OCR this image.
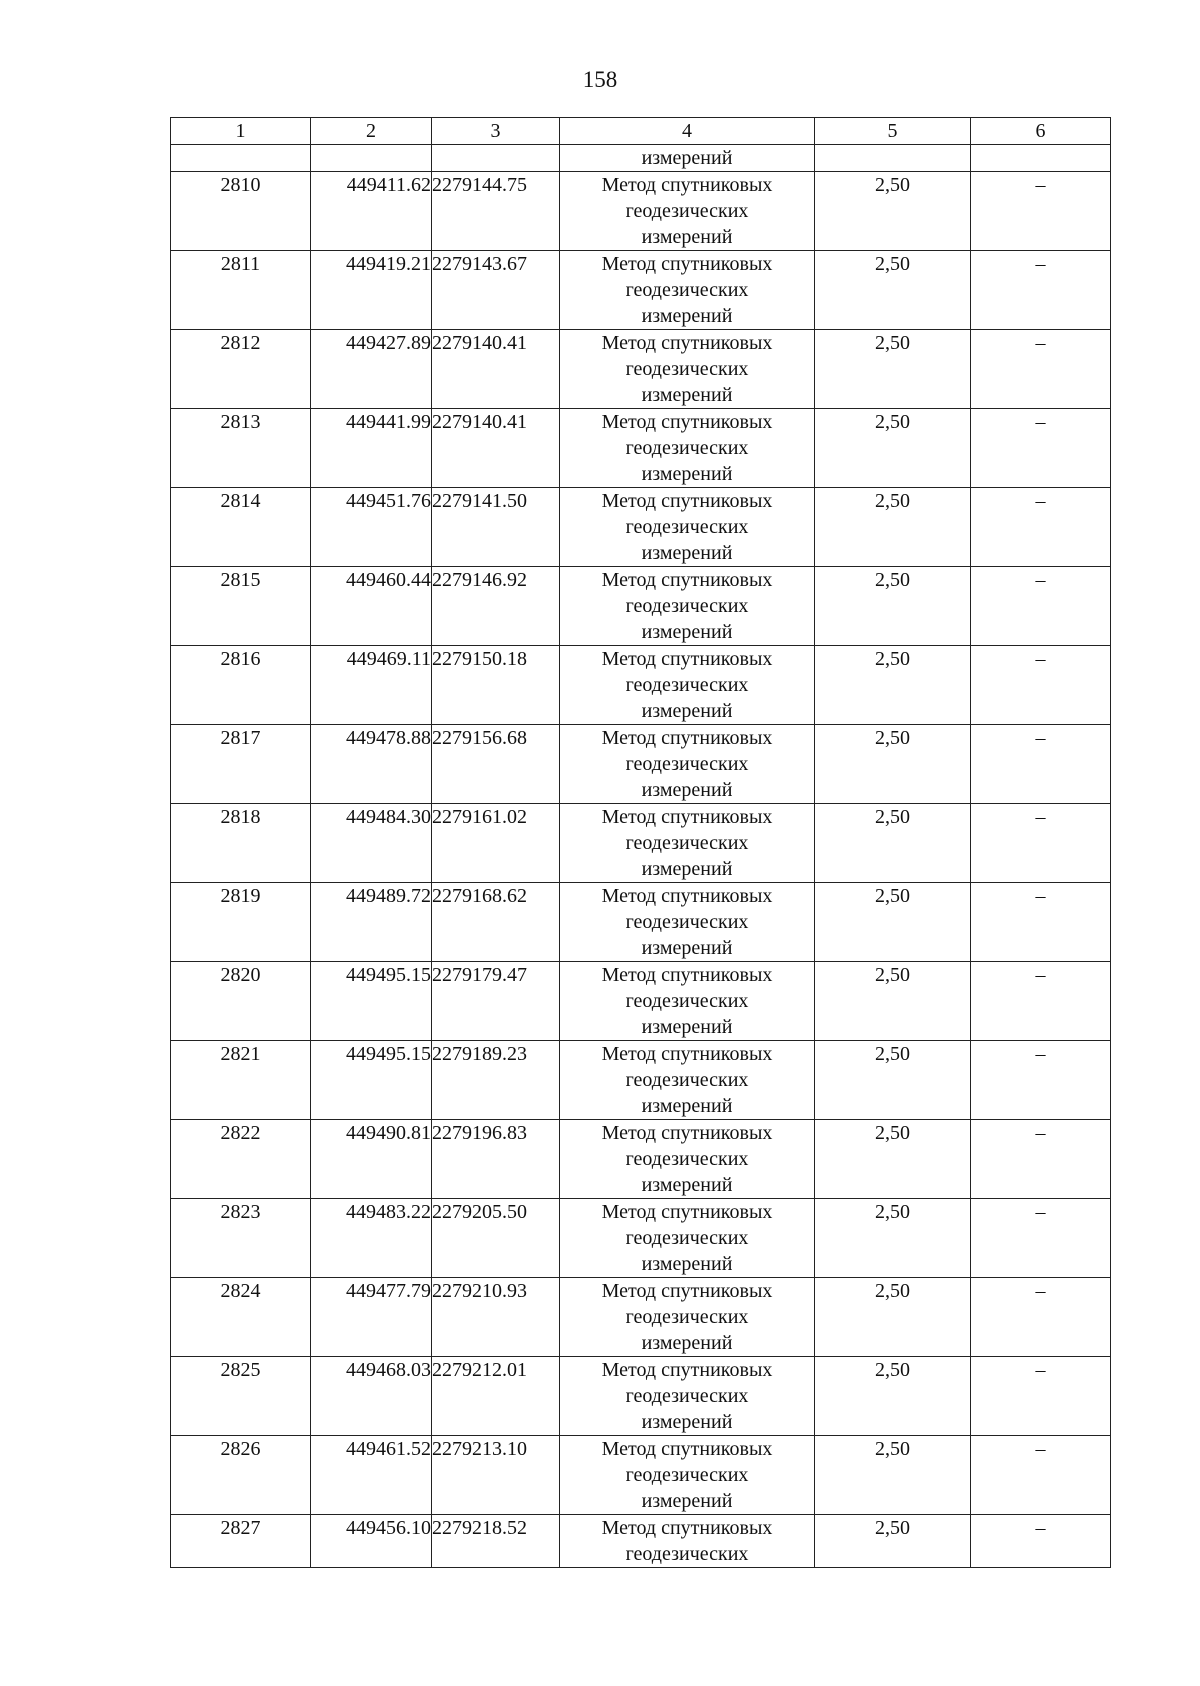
158
1	2	3	4	5	6
			измерений		
2810	449411.62	2279144.75	Метод спутниковых
геодезических
измерений	2,50	–
2811	449419.21	2279143.67	Метод спутниковых
геодезических
измерений	2,50	–
2812	449427.89	2279140.41	Метод спутниковых
геодезических
измерений	2,50	–
2813	449441.99	2279140.41	Метод спутниковых
геодезических
измерений	2,50	–
2814	449451.76	2279141.50	Метод спутниковых
геодезических
измерений	2,50	–
2815	449460.44	2279146.92	Метод спутниковых
геодезических
измерений	2,50	–
2816	449469.11	2279150.18	Метод спутниковых
геодезических
измерений	2,50	–
2817	449478.88	2279156.68	Метод спутниковых
геодезических
измерений	2,50	–
2818	449484.30	2279161.02	Метод спутниковых
геодезических
измерений	2,50	–
2819	449489.72	2279168.62	Метод спутниковых
геодезических
измерений	2,50	–
2820	449495.15	2279179.47	Метод спутниковых
геодезических
измерений	2,50	–
2821	449495.15	2279189.23	Метод спутниковых
геодезических
измерений	2,50	–
2822	449490.81	2279196.83	Метод спутниковых
геодезических
измерений	2,50	–
2823	449483.22	2279205.50	Метод спутниковых
геодезических
измерений	2,50	–
2824	449477.79	2279210.93	Метод спутниковых
геодезических
измерений	2,50	–
2825	449468.03	2279212.01	Метод спутниковых
геодезических
измерений	2,50	–
2826	449461.52	2279213.10	Метод спутниковых
геодезических
измерений	2,50	–
2827	449456.10	2279218.52	Метод спутниковых
геодезических	2,50	–
